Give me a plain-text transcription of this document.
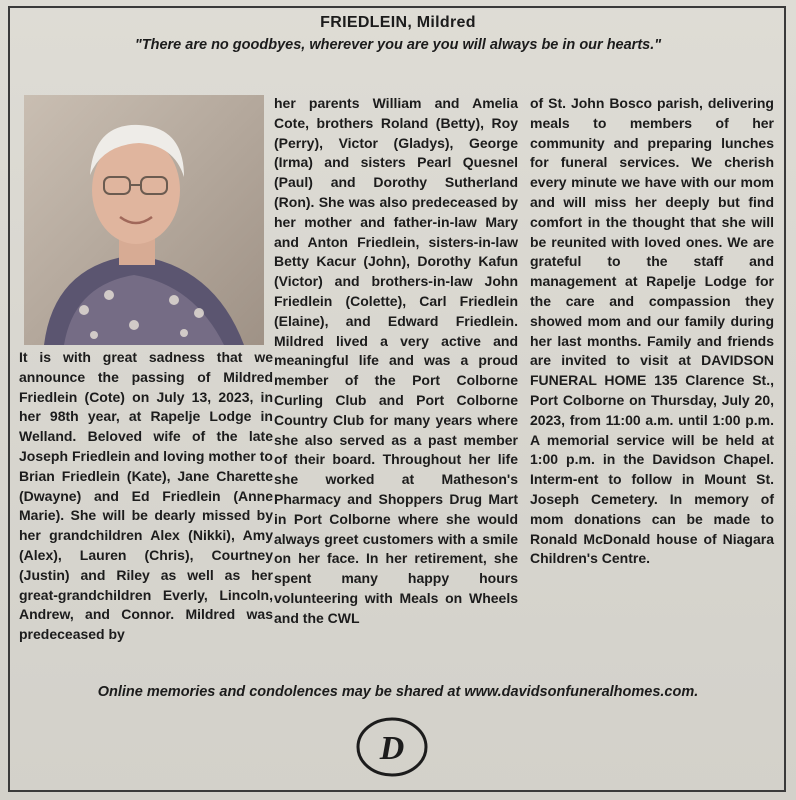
FRIEDLEIN, Mildred
"There are no goodbyes, wherever you are you will always be in our hearts."
It is with great sadness that we announce the passing of Mildred Friedlein (Cote) on July 13, 2023, in her 98th year, at Rapelje Lodge in Welland. Beloved wife of the late Joseph Friedlein and loving mother to Brian Friedlein (Kate), Jane Charette (Dwayne) and Ed Friedlein (Anne Marie). She will be dearly missed by her grandchildren Alex (Nikki), Amy (Alex), Lauren (Chris), Courtney (Justin) and Riley as well as her great-grandchildren Everly, Lincoln, Andrew, and Connor. Mildred was predeceased by
her parents William and Amelia Cote, brothers Roland (Betty), Roy (Perry), Victor (Gladys), George (Irma) and sisters Pearl Quesnel (Paul) and Dorothy Sutherland (Ron). She was also predeceased by her mother and father-in-law Mary and Anton Friedlein, sisters-in-law Betty Kacur (John), Dorothy Kafun (Victor) and brothers-in-law John Friedlein (Colette), Carl Friedlein (Elaine), and Edward Friedlein. Mildred lived a very active and meaningful life and was a proud member of the Port Colborne Curling Club and Port Colborne Country Club for many years where she also served as a past member of their board. Throughout her life she worked at Matheson's Pharmacy and Shoppers Drug Mart in Port Colborne where she would always greet customers with a smile on her face. In her retirement, she spent many happy hours volunteering with Meals on Wheels and the CWL
of St. John Bosco parish, delivering meals to members of her community and preparing lunches for funeral services. We cherish every minute we have with our mom and will miss her deeply but find comfort in the thought that she will be reunited with loved ones. We are grateful to the staff and management at Rapelje Lodge for the care and compassion they showed mom and our family during her last months. Family and friends are invited to visit at DAVIDSON FUNERAL HOME 135 Clarence St., Port Colborne on Thursday, July 20, 2023, from 11:00 a.m. until 1:00 p.m. A memorial service will be held at 1:00 p.m. in the Davidson Chapel. Interm-ent to follow in Mount St. Joseph Cemetery. In memory of mom donations can be made to Ronald McDonald house of Niagara Children's Centre.
Online memories and condolences may be shared at www.davidsonfuneralhomes.com.
D
